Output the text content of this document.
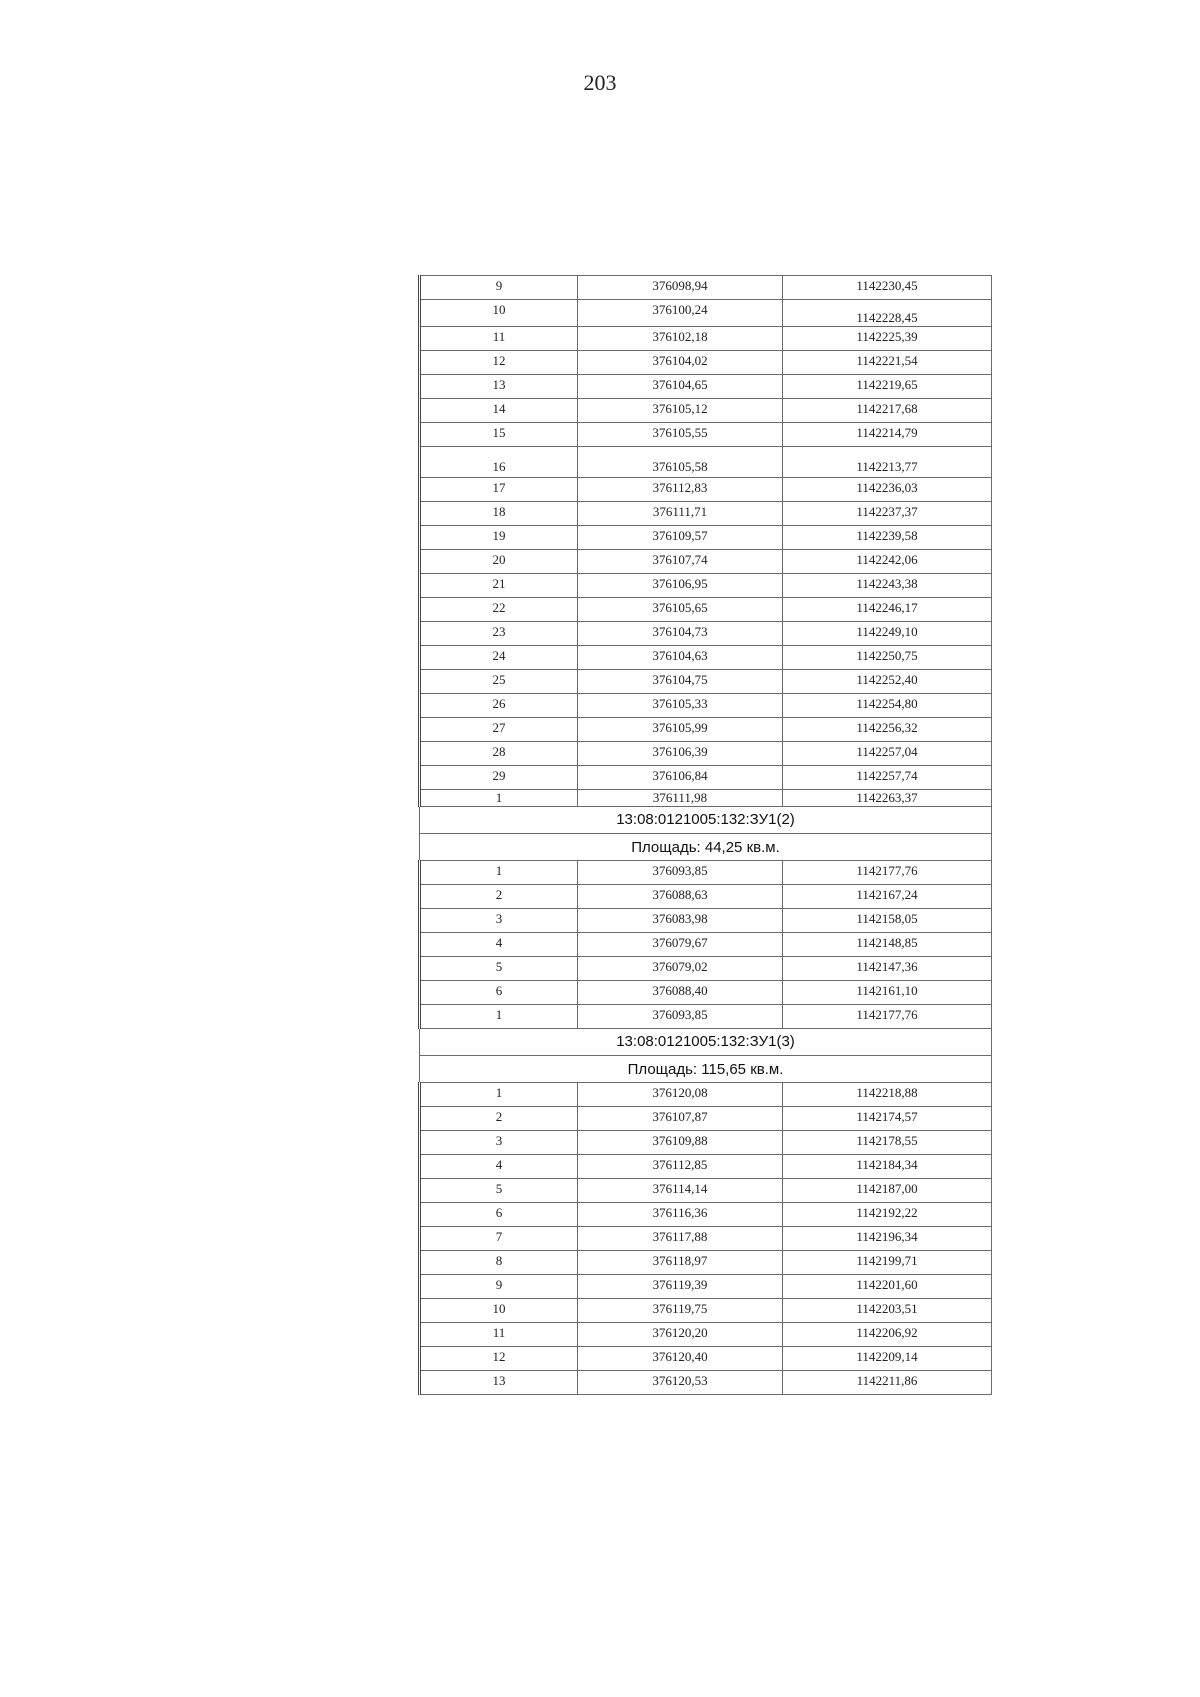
203
9	376098,94	1142230,45
10	376100,24	1142228,45
11	376102,18	1142225,39
12	376104,02	1142221,54
13	376104,65	1142219,65
14	376105,12	1142217,68
15	376105,55	1142214,79
16	376105,58	1142213,77
17	376112,83	1142236,03
18	376111,71	1142237,37
19	376109,57	1142239,58
20	376107,74	1142242,06
21	376106,95	1142243,38
22	376105,65	1142246,17
23	376104,73	1142249,10
24	376104,63	1142250,75
25	376104,75	1142252,40
26	376105,33	1142254,80
27	376105,99	1142256,32
28	376106,39	1142257,04
29	376106,84	1142257,74
1	376111,98	1142263,37
13:08:0121005:132:ЗУ1(2)		
Площадь: 44,25 кв.м.		
1	376093,85	1142177,76
2	376088,63	1142167,24
3	376083,98	1142158,05
4	376079,67	1142148,85
5	376079,02	1142147,36
6	376088,40	1142161,10
1	376093,85	1142177,76
13:08:0121005:132:ЗУ1(3)		
Площадь: 115,65 кв.м.		
1	376120,08	1142218,88
2	376107,87	1142174,57
3	376109,88	1142178,55
4	376112,85	1142184,34
5	376114,14	1142187,00
6	376116,36	1142192,22
7	376117,88	1142196,34
8	376118,97	1142199,71
9	376119,39	1142201,60
10	376119,75	1142203,51
11	376120,20	1142206,92
12	376120,40	1142209,14
13	376120,53	1142211,86
